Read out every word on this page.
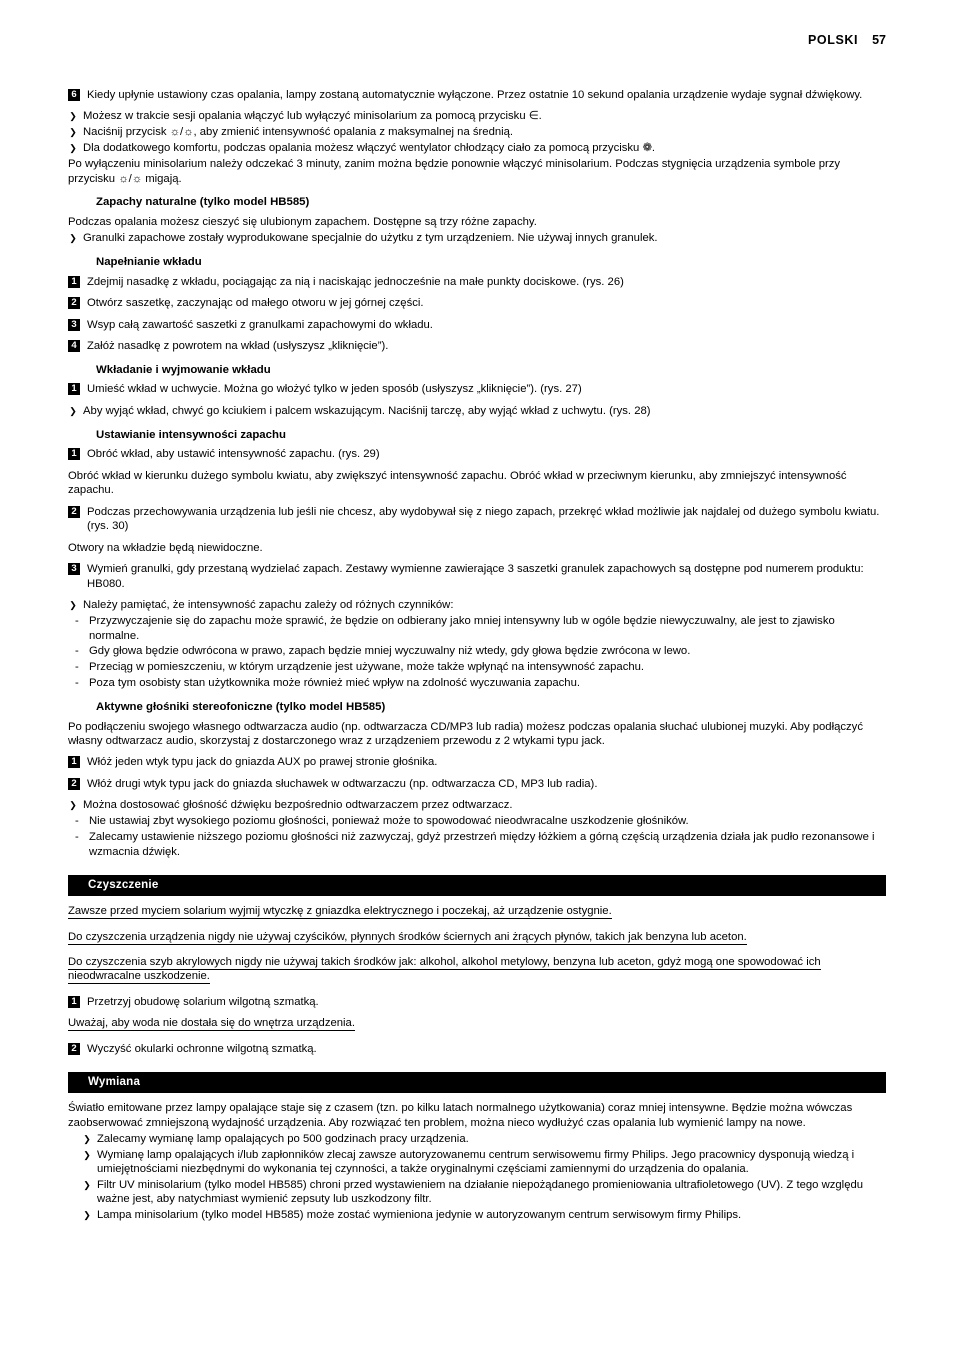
POLSKI 57
6 Kiedy upłynie ustawiony czas opalania, lampy zostaną automatycznie wyłączone. Przez ostatnie 10 sekund opalania urządzenie wydaje sygnał dźwiękowy.
❯ Możesz w trakcie sesji opalania włączyć lub wyłączyć minisolarium za pomocą przycisku ∈.
❯ Naciśnij przycisk ☼/☼, aby zmienić intensywność opalania z maksymalnej na średnią.
❯ Dla dodatkowego komfortu, podczas opalania możesz włączyć wentylator chłodzący ciało za pomocą przycisku ❁.

Po wyłączeniu minisolarium należy odczekać 3 minuty, zanim można będzie ponownie włączyć minisolarium. Podczas stygnięcia urządzenia symbole przy przycisku ☼/☼ migają.

Zapachy naturalne (tylko model HB585)

Podczas opalania możesz cieszyć się ulubionym zapachem. Dostępne są trzy różne zapachy.

❯ Granulki zapachowe zostały wyprodukowane specjalnie do użytku z tym urządzeniem. Nie używaj innych granulek.
Napełnianie wkładu
1 Zdejmij nasadkę z wkładu, pociągając za nią i naciskając jednocześnie na małe punkty dociskowe. (rys. 26)
2 Otwórz saszetkę, zaczynając od małego otworu w jej górnej części.
3 Wsyp całą zawartość saszetki z granulkami zapachowymi do wkładu.
4 Załóż nasadkę z powrotem na wkład (usłyszysz „kliknięcie”).
Wkładanie i wyjmowanie wkładu
1 Umieść wkład w uchwycie. Można go włożyć tylko w jeden sposób (usłyszysz „kliknięcie”). (rys. 27)
❯ Aby wyjąć wkład, chwyć go kciukiem i palcem wskazującym. Naciśnij tarczę, aby wyjąć wkład z uchwytu. (rys. 28)
Ustawianie intensywności zapachu
1 Obróć wkład, aby ustawić intensywność zapachu. (rys. 29)

Obróć wkład w kierunku dużego symbolu kwiatu, aby zwiększyć intensywność zapachu. Obróć wkład w przeciwnym kierunku, aby zmniejszyć intensywność zapachu.

2 Podczas przechowywania urządzenia lub jeśli nie chcesz, aby wydobywał się z niego zapach, przekręć wkład możliwie jak najdalej od dużego symbolu kwiatu. (rys. 30)

Otwory na wkładzie będą niewidoczne.

3 Wymień granulki, gdy przestaną wydzielać zapach. Zestawy wymienne zawierające 3 saszetki granulek zapachowych są dostępne pod numerem produktu: HB080.
❯ Należy pamiętać, że intensywność zapachu zależy od różnych czynników:
- Przyzwyczajenie się do zapachu może sprawić, że będzie on odbierany jako mniej intensywny lub w ogóle będzie niewyczuwalny, ale jest to zjawisko normalne.
- Gdy głowa będzie odwrócona w prawo, zapach będzie mniej wyczuwalny niż wtedy, gdy głowa będzie zwrócona w lewo.
- Przeciąg w pomieszczeniu, w którym urządzenie jest używane, może także wpłynąć na intensywność zapachu.
- Poza tym osobisty stan użytkownika może również mieć wpływ na zdolność wyczuwania zapachu.
Aktywne głośniki stereofoniczne (tylko model HB585)

Po podłączeniu swojego własnego odtwarzacza audio (np. odtwarzacza CD/MP3 lub radia) możesz podczas opalania słuchać ulubionej muzyki. Aby podłączyć własny odtwarzacz audio, skorzystaj z dostarczonego wraz z urządzeniem przewodu z 2 wtykami typu jack.

1 Włóż jeden wtyk typu jack do gniazda AUX po prawej stronie głośnika.
2 Włóż drugi wtyk typu jack do gniazda słuchawek w odtwarzaczu (np. odtwarzacza CD, MP3 lub radia).
❯ Można dostosować głośność dźwięku bezpośrednio odtwarzaczem przez odtwarzacz.
- Nie ustawiaj zbyt wysokiego poziomu głośności, ponieważ może to spowodować nieodwracalne uszkodzenie głośników.
- Zalecamy ustawienie niższego poziomu głośności niż zazwyczaj, gdyż przestrzeń między łóżkiem a górną częścią urządzenia działa jak pudło rezonansowe i wzmacnia dźwięk.
Czyszczenie

Zawsze przed myciem solarium wyjmij wtyczkę z gniazdka elektrycznego i poczekaj, aż urządzenie ostygnie.

Do czyszczenia urządzenia nigdy nie używaj czyścików, płynnych środków ściernych ani żrących płynów, takich jak benzyna lub aceton.

Do czyszczenia szyb akrylowych nigdy nie używaj takich środków jak: alkohol, alkohol metylowy, benzyna lub aceton, gdyż mogą one spowodować ich nieodwracalne uszkodzenie.

1 Przetrzyj obudowę solarium wilgotną szmatką.

Uważaj, aby woda nie dostała się do wnętrza urządzenia.

2 Wyczyść okularki ochronne wilgotną szmatką.
Wymiana

Światło emitowane przez lampy opalające staje się z czasem (tzn. po kilku latach normalnego użytkowania) coraz mniej intensywne. Będzie można wówczas zaobserwować zmniejszoną wydajność urządzenia. Aby rozwiązać ten problem, można nieco wydłużyć czas opalania lub wymienić lampy na nowe.

❯ Zalecamy wymianę lamp opalających po 500 godzinach pracy urządzenia.
❯ Wymianę lamp opalających i/lub zapłonników zlecaj zawsze autoryzowanemu centrum serwisowemu firmy Philips. Jego pracownicy dysponują wiedzą i umiejętnościami niezbędnymi do wykonania tej czynności, a także oryginalnymi częściami zamiennymi do urządzenia do opalania.
❯ Filtr UV minisolarium (tylko model HB585) chroni przed wystawieniem na działanie niepożądanego promieniowania ultrafioletowego (UV). Z tego względu ważne jest, aby natychmiast wymienić zepsuty lub uszkodzony filtr.
❯ Lampa minisolarium (tylko model HB585) może zostać wymieniona jedynie w autoryzowanym centrum serwisowym firmy Philips.
